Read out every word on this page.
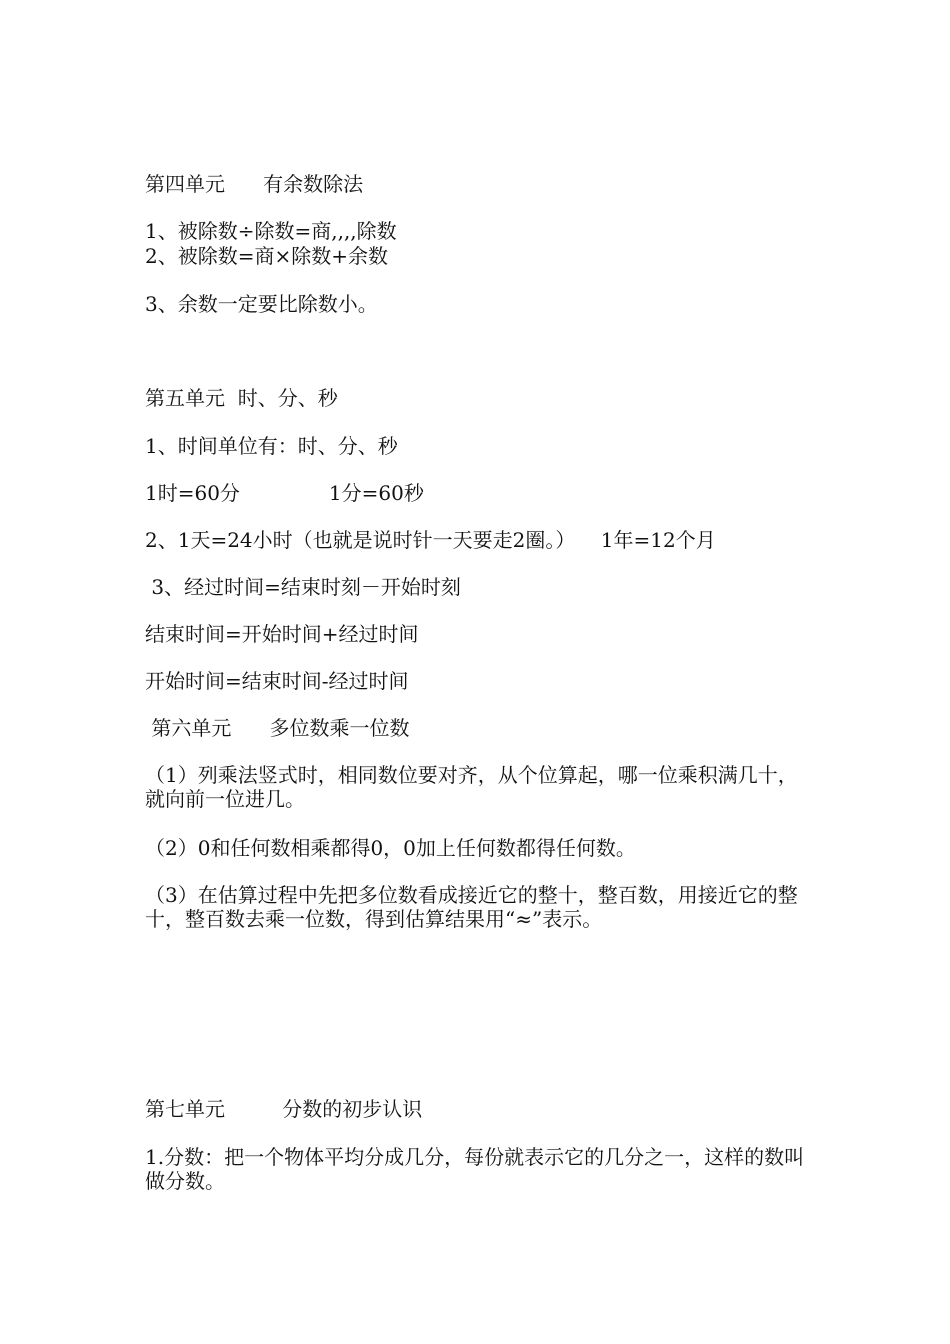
第四单元      有余数除法

1、被除数÷除数=商,,,,除数

2、被除数=商×除数+余数

3、余数一定要比除数小。

第五单元  时、分、秒

1、时间单位有：时、分、秒

1时=60分              1分=60秒

2、1天=24小时（也就是说时针一天要走2圈。）    1年=12个月

3、经过时间=结束时刻－开始时刻

结束时间=开始时间+经过时间

开始时间=结束时间-经过时间

第六单元      多位数乘一位数

（1）列乘法竖式时，相同数位要对齐，从个位算起，哪一位乘积满几十，就向前一位进几。

（2）0和任何数相乘都得0，0加上任何数都得任何数。

（3）在估算过程中先把多位数看成接近它的整十，整百数，用接近它的整十，整百数去乘一位数，得到估算结果用“≈”表示。

第七单元         分数的初步认识

1.分数：把一个物体平均分成几分，每份就表示它的几分之一，这样的数叫做分数。
